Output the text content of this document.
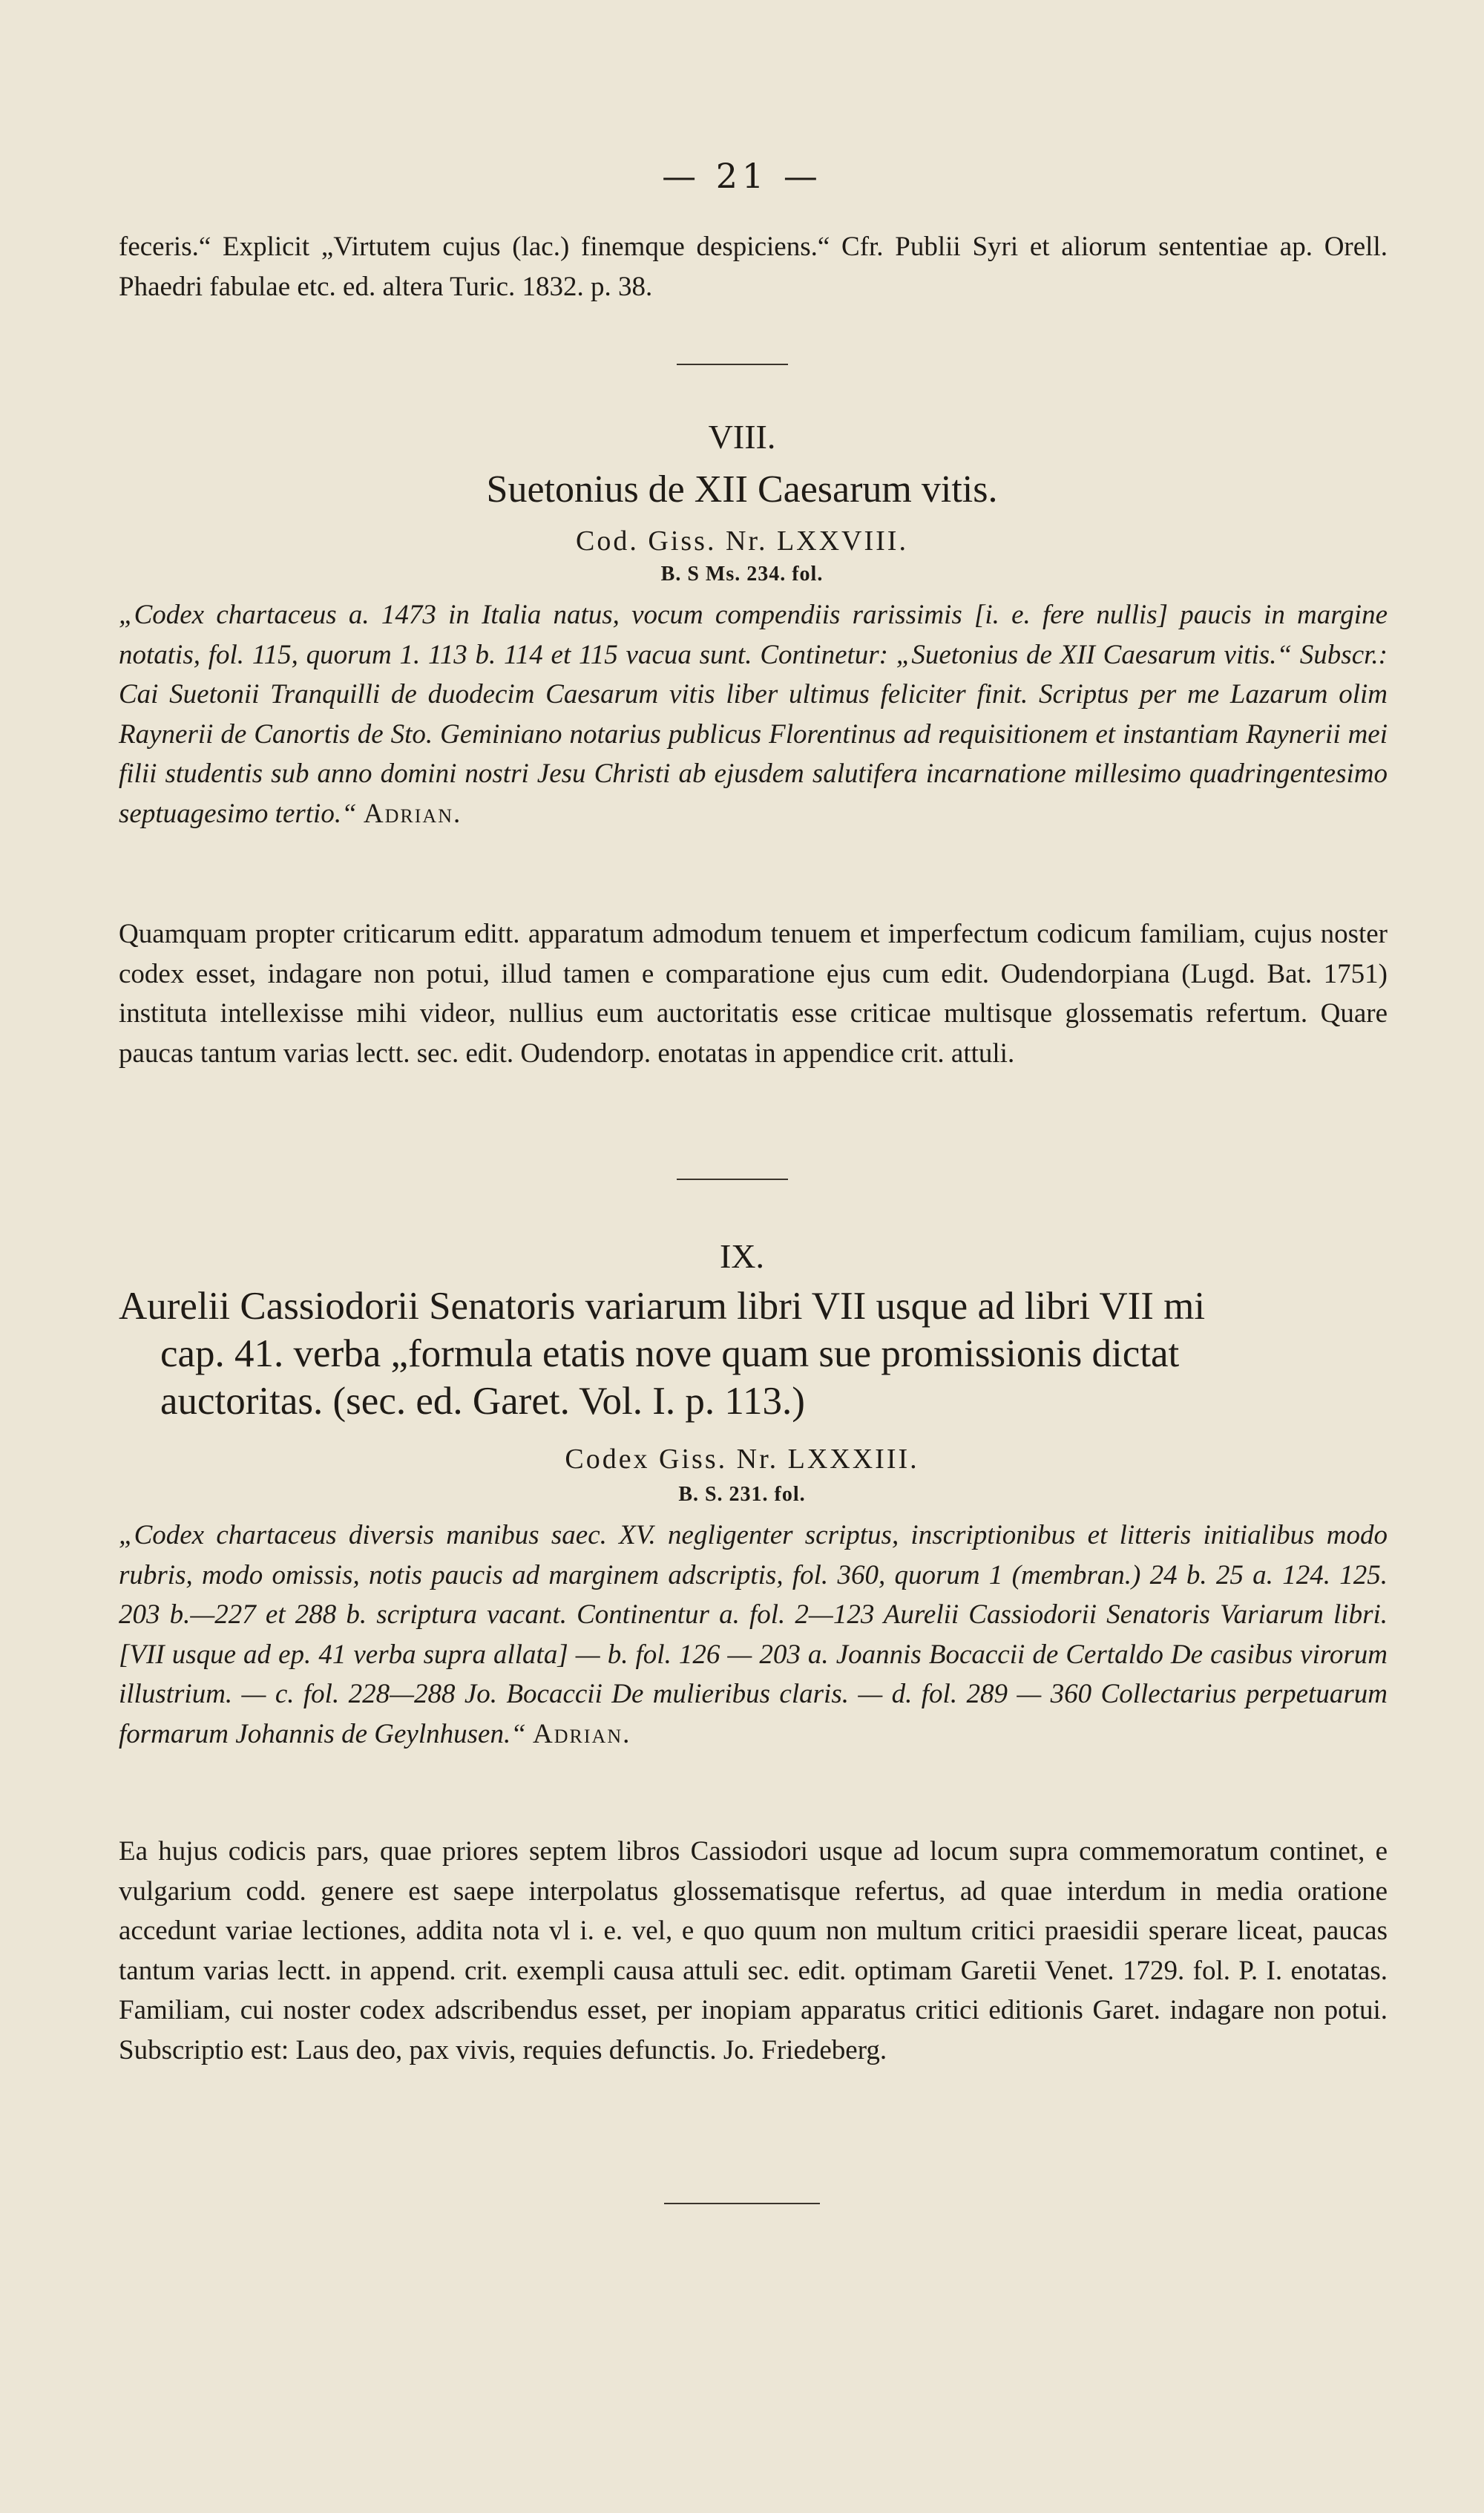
— 21 —
feceris.“ Explicit „Virtutem cujus (lac.) finemque despiciens.“ Cfr. Publii Syri et aliorum sententiae ap. Orell. Phaedri fabulae etc. ed. altera Turic. 1832. p. 38.
VIII.
Suetonius de XII Caesarum vitis.
Cod. Giss. Nr. LXXVIII.
B. S Ms. 234. fol.
„Codex chartaceus a. 1473 in Italia natus, vocum compendiis rarissimis [i. e. fere nullis] paucis in margine notatis, fol. 115, quorum 1. 113 b. 114 et 115 vacua sunt. Continetur: „Suetonius de XII Caesarum vitis.“ Subscr.: Cai Suetonii Tranquilli de duodecim Caesarum vitis liber ultimus feliciter finit. Scriptus per me Lazarum olim Raynerii de Canortis de Sto. Geminiano notarius publicus Florentinus ad requisitionem et instantiam Raynerii mei filii studentis sub anno domini nostri Jesu Christi ab ejusdem salutifera incarnatione millesimo quadringentesimo septuagesimo tertio.“ Adrian.
Quamquam propter criticarum editt. apparatum admodum tenuem et imperfectum codicum familiam, cujus noster codex esset, indagare non potui, illud tamen e comparatione ejus cum edit. Oudendorpiana (Lugd. Bat. 1751) instituta intellexisse mihi videor, nullius eum auctoritatis esse criticae multisque glossematis refertum. Quare paucas tantum varias lectt. sec. edit. Oudendorp. enotatas in appendice crit. attuli.
IX.
Aurelii Cassiodorii Senatoris variarum libri VII usque ad libri VII mi
cap. 41. verba „formula etatis nove quam sue promissionis dictat
auctoritas. (sec. ed. Garet. Vol. I. p. 113.)
Codex Giss. Nr. LXXXIII.
B. S. 231. fol.
„Codex chartaceus diversis manibus saec. XV. negligenter scriptus, inscriptionibus et litteris initialibus modo rubris, modo omissis, notis paucis ad marginem adscriptis, fol. 360, quorum 1 (membran.) 24 b. 25 a. 124. 125. 203 b.—227 et 288 b. scriptura vacant. Continentur a. fol. 2—123 Aurelii Cassiodorii Senatoris Variarum libri. [VII usque ad ep. 41 verba supra allata] — b. fol. 126 — 203 a. Joannis Bocaccii de Certaldo De casibus virorum illustrium. — c. fol. 228—288 Jo. Bocaccii De mulieribus claris. — d. fol. 289 — 360 Collectarius perpetuarum formarum Johannis de Geylnhusen.“ Adrian.
Ea hujus codicis pars, quae priores septem libros Cassiodori usque ad locum supra commemoratum continet, e vulgarium codd. genere est saepe interpolatus glossematisque refertus, ad quae interdum in media oratione accedunt variae lectiones, addita nota vl i. e. vel, e quo quum non multum critici praesidii sperare liceat, paucas tantum varias lectt. in append. crit. exempli causa attuli sec. edit. optimam Garetii Venet. 1729. fol. P. I. enotatas. Familiam, cui noster codex adscribendus esset, per inopiam apparatus critici editionis Garet. indagare non potui. Subscriptio est: Laus deo, pax vivis, requies defunctis. Jo. Friedeberg.
